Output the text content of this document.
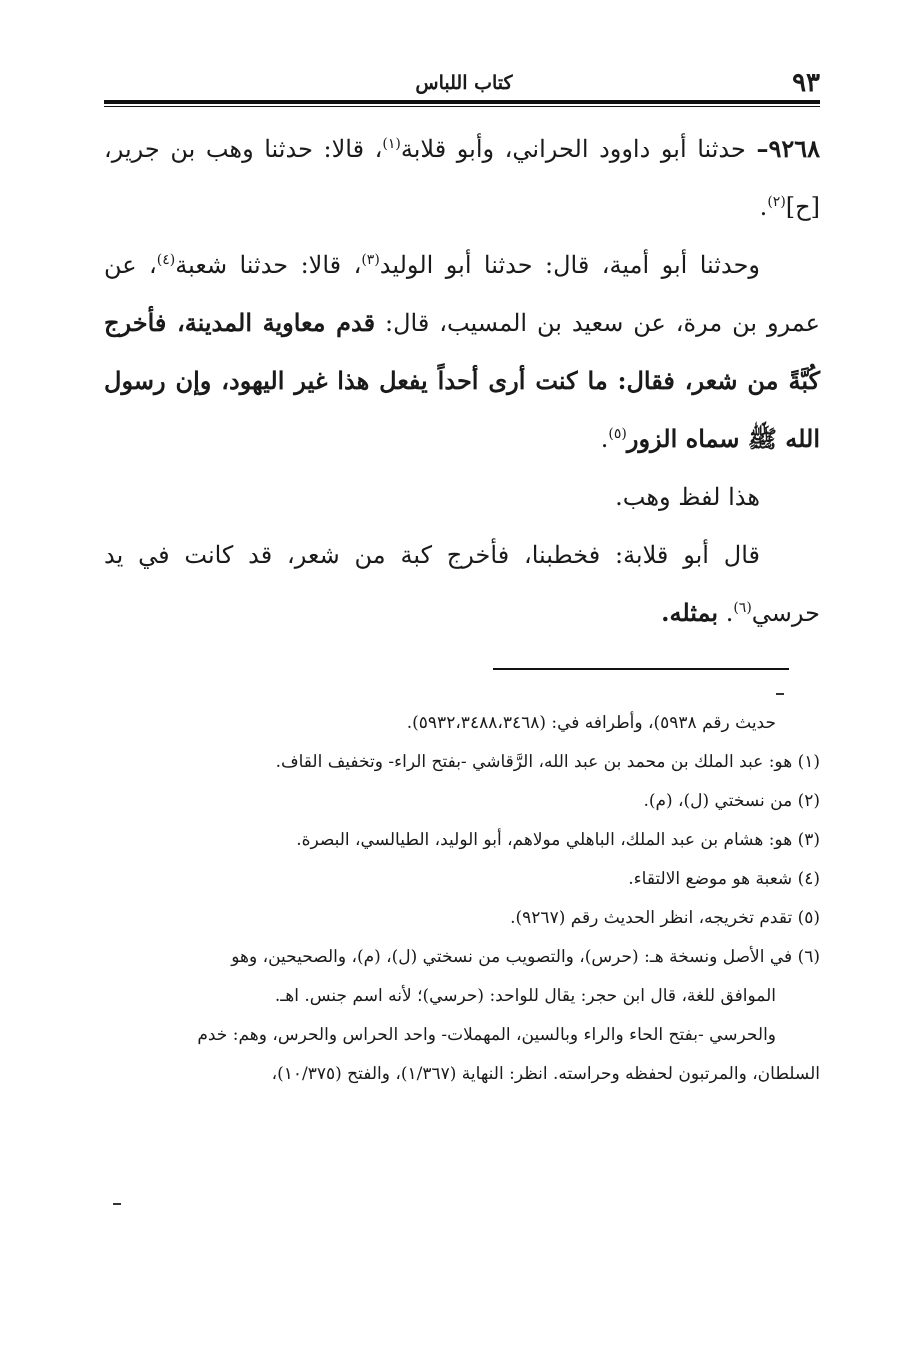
٩٣
كتاب اللباس

٩٢٦٨– حدثنا أبو داوود الحراني، وأبو قلابة$^{(١)}$، قالا: حدثنا وهب بن جرير، [ح]$^{(٢)}$.

وحدثنا أبو أمية، قال: حدثنا أبو الوليد$^{(٣)}$، قالا: حدثنا شعبة$^{(٤)}$، عن عمرو بن مرة، عن سعيد بن المسيب، قال: قدم معاوية المدينة، فأخرج كُبَّةً من شعر، فقال: ما كنت أرى أحداً يفعل هذا غير اليهود، وإن رسول الله ﷺ سماه الزور$^{(٥)}$.

هذا لفظ وهب.

قال أبو قلابة: فخطبنا، فأخرج كبة من شعر، قد كانت في يد حرسي$^{(٦)}$. بمثله.

حديث رقم ٥٩٣٨)، وأطرافه في: (٥٩٣٢،٣٤٨٨،٣٤٦٨).

(١) هو: عبد الملك بن محمد بن عبد الله، الرَّقاشي -بفتح الراء- وتخفيف القاف.

(٢) من نسختي (ل)، (م).

(٣) هو: هشام بن عبد الملك، الباهلي مولاهم، أبو الوليد، الطيالسي، البصرة.

(٤) شعبة هو موضع الالتقاء.

(٥) تقدم تخريجه، انظر الحديث رقم (٩٢٦٧).

(٦) في الأصل ونسخة هـ: (حرس)، والتصويب من نسختي (ل)، (م)، والصحيحين، وهو

الموافق للغة، قال ابن حجر: يقال للواحد: (حرسي)؛ لأنه اسم جنس. اهـ.

والحرسي -بفتح الحاء والراء وبالسين، المهملات- واحد الحراس والحرس، وهم: خدم

السلطان، والمرتبون لحفظه وحراسته. انظر: النهاية (١/٣٦٧)، والفتح (١٠/٣٧٥)،
